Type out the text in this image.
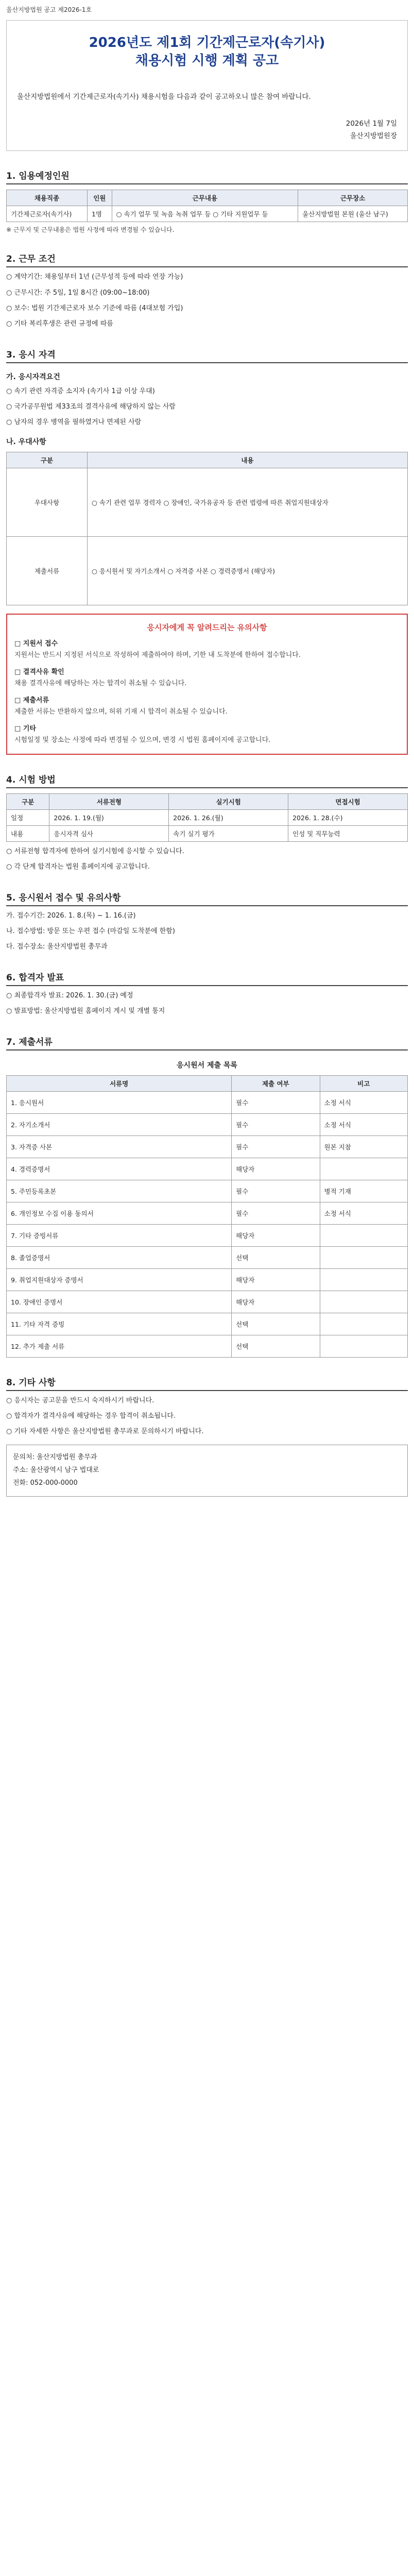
울산지방법원 공고 제2026-1호
2026년도 제1회 기간제근로자(속기사)
채용시험 시행 계획 공고
울산지방법원에서 기간제근로자(속기사) 채용시험을 다음과 같이 공고하오니 많은 참여 바랍니다.
2026년 1월 7일
울산지방법원장
1. 임용예정인원
채용직종	인원	근무내용	근무장소
기간제근로자(속기사)	1명	○ 속기 업무 및 녹음 녹취 업무 등 ○ 기타 지원업무 등	울산지방법원 본원 (울산 남구)
※ 근무지 및 근무내용은 법원 사정에 따라 변경될 수 있습니다.
2. 근무 조건
○ 계약기간: 채용일부터 1년 (근무성적 등에 따라 연장 가능)
○ 근무시간: 주 5일, 1일 8시간 (09:00~18:00)
○ 보수: 법원 기간제근로자 보수 기준에 따름 (4대보험 가입)
○ 기타 복리후생은 관련 규정에 따름
3. 응시 자격
가. 응시자격요건
○ 속기 관련 자격증 소지자 (속기사 1급 이상 우대)
○ 국가공무원법 제33조의 결격사유에 해당하지 않는 사람
○ 남자의 경우 병역을 필하였거나 면제된 사람
나. 우대사항
구분	내용
우대사항	○ 속기 관련 업무 경력자 ○ 장애인, 국가유공자 등 관련 법령에 따른 취업지원대상자
제출서류	○ 응시원서 및 자기소개서 ○ 자격증 사본 ○ 경력증명서 (해당자)
응시자에게 꼭 알려드리는 유의사항
□ 지원서 접수
지원서는 반드시 지정된 서식으로 작성하여 제출하여야 하며, 기한 내 도착분에 한하여 접수합니다.
□ 결격사유 확인
채용 결격사유에 해당하는 자는 합격이 취소될 수 있습니다.
□ 제출서류
제출한 서류는 반환하지 않으며, 허위 기재 시 합격이 취소될 수 있습니다.
□ 기타
시험일정 및 장소는 사정에 따라 변경될 수 있으며, 변경 시 법원 홈페이지에 공고합니다.
4. 시험 방법
구분	서류전형	실기시험	면접시험
일정	2026. 1. 19.(월)	2026. 1. 26.(월)	2026. 1. 28.(수)
내용	응시자격 심사	속기 실기 평가	인성 및 직무능력
○ 서류전형 합격자에 한하여 실기시험에 응시할 수 있습니다.
○ 각 단계 합격자는 법원 홈페이지에 공고합니다.
5. 응시원서 접수 및 유의사항
가. 접수기간: 2026. 1. 8.(목) ~ 1. 16.(금)
나. 접수방법: 방문 또는 우편 접수 (마감일 도착분에 한함)
다. 접수장소: 울산지방법원 총무과
6. 합격자 발표
○ 최종합격자 발표: 2026. 1. 30.(금) 예정
○ 발표방법: 울산지방법원 홈페이지 게시 및 개별 통지
7. 제출서류
응시원서 제출 목록
서류명	제출 여부	비고
1. 응시원서	필수	소정 서식
2. 자기소개서	필수	소정 서식
3. 자격증 사본	필수	원본 지참
4. 경력증명서	해당자	
5. 주민등록초본	필수	병적 기재
6. 개인정보 수집 이용 동의서	필수	소정 서식
7. 기타 증빙서류	해당자	
8. 졸업증명서	선택	
9. 취업지원대상자 증명서	해당자	
10. 장애인 증명서	해당자	
11. 기타 자격 증빙	선택	
12. 추가 제출 서류	선택	
8. 기타 사항
○ 응시자는 공고문을 반드시 숙지하시기 바랍니다.
○ 합격자가 결격사유에 해당하는 경우 합격이 취소됩니다.
○ 기타 자세한 사항은 울산지방법원 총무과로 문의하시기 바랍니다.
문의처: 울산지방법원 총무과
주소: 울산광역시 남구 법대로
전화: 052-000-0000
